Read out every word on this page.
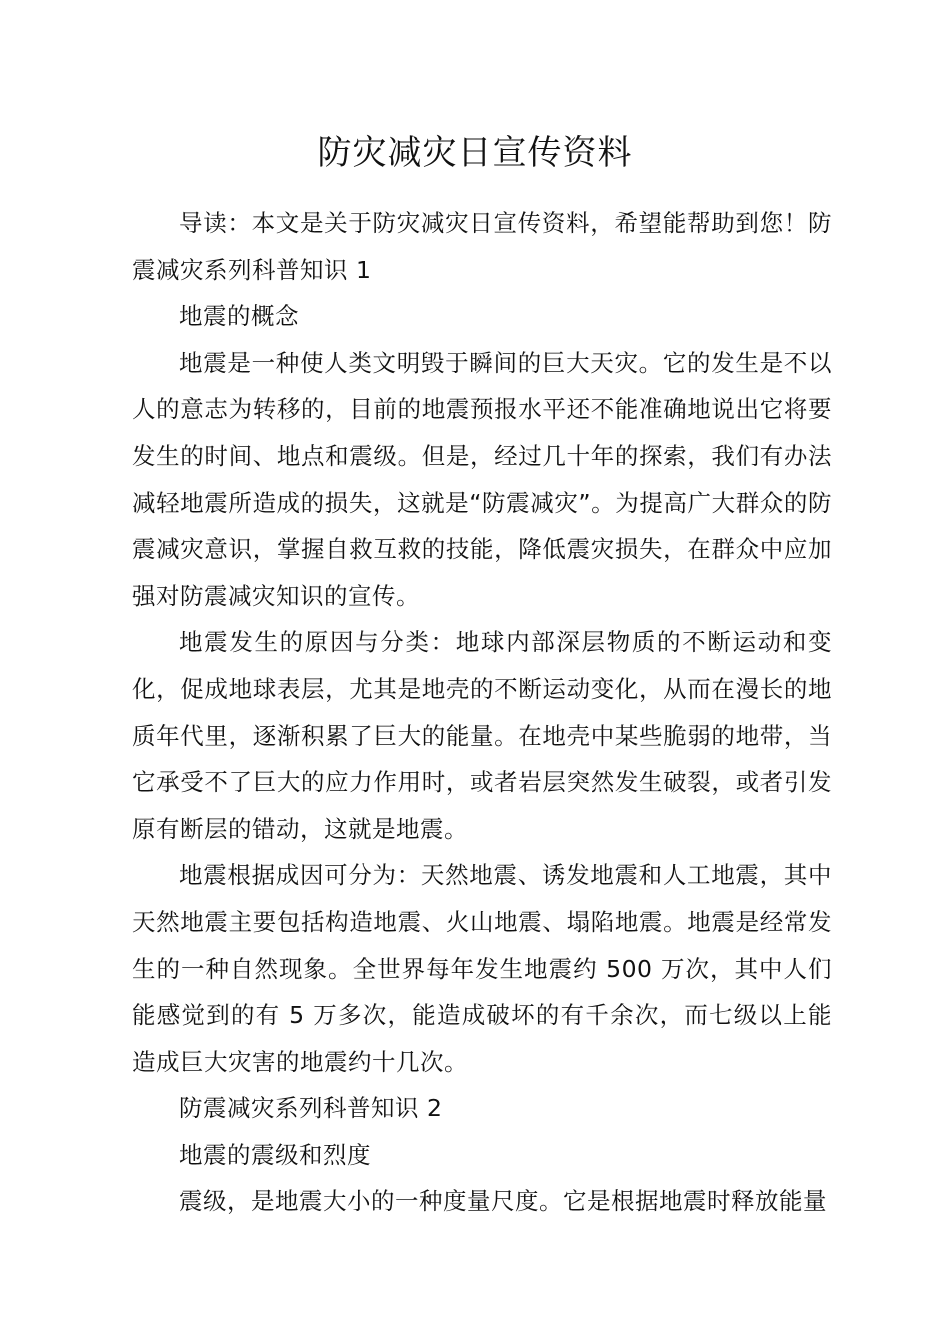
防灾减灾日宣传资料

导读：本文是关于防灾减灾日宣传资料，希望能帮助到您！防震减灾系列科普知识 1

地震的概念

地震是一种使人类文明毁于瞬间的巨大天灾。它的发生是不以人的意志为转移的，目前的地震预报水平还不能准确地说出它将要发生的时间、地点和震级。但是，经过几十年的探索，我们有办法减轻地震所造成的损失，这就是“防震减灾”。为提高广大群众的防震减灾意识，掌握自救互救的技能，降低震灾损失，在群众中应加强对防震减灾知识的宣传。

地震发生的原因与分类：地球内部深层物质的不断运动和变化，促成地球表层，尤其是地壳的不断运动变化，从而在漫长的地质年代里，逐渐积累了巨大的能量。在地壳中某些脆弱的地带，当它承受不了巨大的应力作用时，或者岩层突然发生破裂，或者引发原有断层的错动，这就是地震。

地震根据成因可分为：天然地震、诱发地震和人工地震，其中天然地震主要包括构造地震、火山地震、塌陷地震。地震是经常发生的一种自然现象。全世界每年发生地震约 500 万次，其中人们能感觉到的有 5 万多次，能造成破坏的有千余次，而七级以上能造成巨大灾害的地震约十几次。

防震减灾系列科普知识 2

地震的震级和烈度

震级，是地震大小的一种度量尺度。它是根据地震时释放能量
